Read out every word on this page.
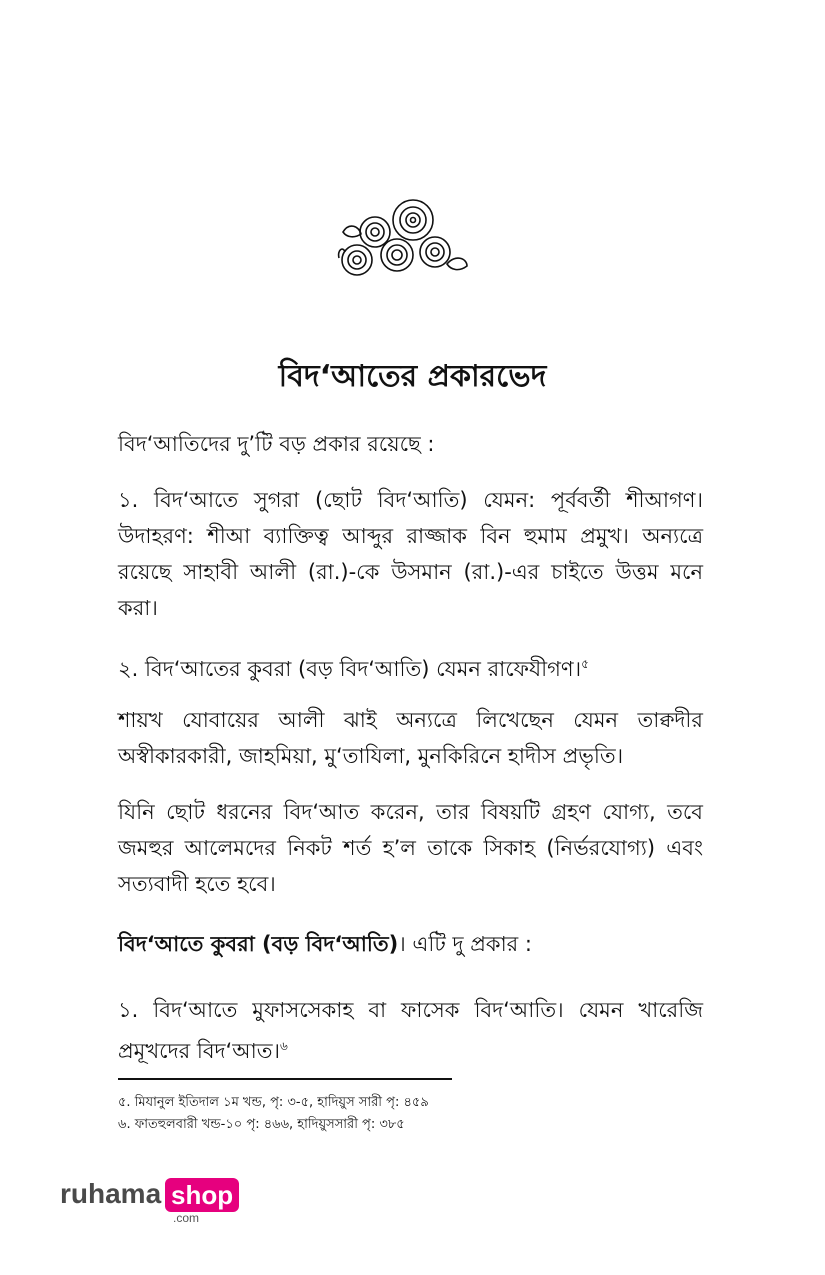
বিদ‘আতের প্রকারভেদ

বিদ‘আতিদের দু’টি বড় প্রকার রয়েছে :

১. বিদ‘আতে সুগরা (ছোট বিদ‘আতি) যেমন: পূর্ববর্তী শীআগণ। উদাহরণ: শীআ ব্যাক্তিত্ব আব্দুর রাজ্জাক বিন হুমাম প্রমুখ। অন্যত্রে রয়েছে সাহাবী আলী (রা.)-কে উসমান (রা.)-এর চাইতে উত্তম মনে করা।

২. বিদ‘আতের কুবরা (বড় বিদ‘আতি) যেমন রাফেযীগণ।$^৫$

শায়খ যোবায়ের আলী ঝাই অন্যত্রে লিখেছেন যেমন তাক্বদীর অস্বীকারকারী, জাহমিয়া, মু‘তাযিলা, মুনকিরিনে হাদীস প্রভৃতি।

যিনি ছোট ধরনের বিদ‘আত করেন, তার বিষয়টি গ্রহণ যোগ্য, তবে জমহুর আলেমদের নিকট শর্ত হ’ল তাকে সিকাহ (নির্ভরযোগ্য) এবং সত্যবাদী হতে হবে।

বিদ‘আতে কুবরা (বড় বিদ‘আতি)। এটি দু প্রকার :

১. বিদ‘আতে মুফাসসেকাহ বা ফাসেক বিদ‘আতি। যেমন খারেজি প্রমূখদের বিদ‘আত।$^৬$

৫. মিযানুল ইতিদাল ১ম খন্ড, পৃ: ৩-৫, হাদিয়ুস সারী পৃ: ৪৫৯

৬. ফাতহুলবারী খন্ড-১০ পৃ: ৪৬৬, হাদিয়ুসসারী পৃ: ৩৮৫

ruhama shop
.com
